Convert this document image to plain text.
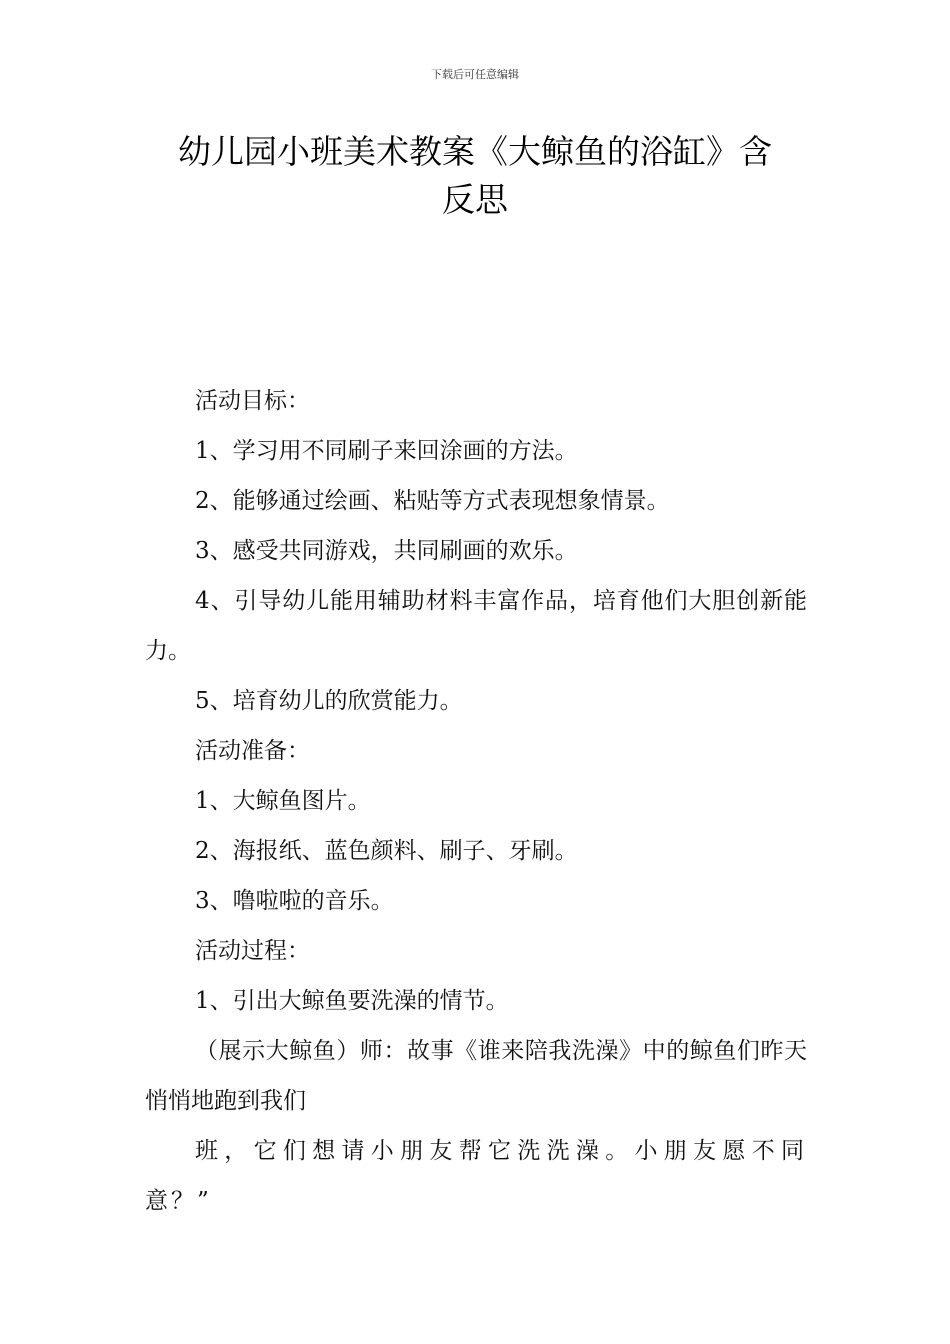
下载后可任意编辑
幼儿园小班美术教案《大鲸鱼的浴缸》含
反思

活动目标：

1、学习用不同刷子来回涂画的方法。

2、能够通过绘画、粘贴等方式表现想象情景。

3、感受共同游戏，共同刷画的欢乐。

4、引导幼儿能用辅助材料丰富作品，培育他们大胆创新能力。

5、培育幼儿的欣赏能力。

活动准备：

1、大鲸鱼图片。

2、海报纸、蓝色颜料、刷子、牙刷。

3、噜啦啦的音乐。

活动过程：

1、引出大鲸鱼要洗澡的情节。

（展示大鲸鱼）师：故事《谁来陪我洗澡》中的鲸鱼们昨天悄悄地跑到我们

班，它们想请小朋友帮它洗洗澡。小朋友愿不同意？”
